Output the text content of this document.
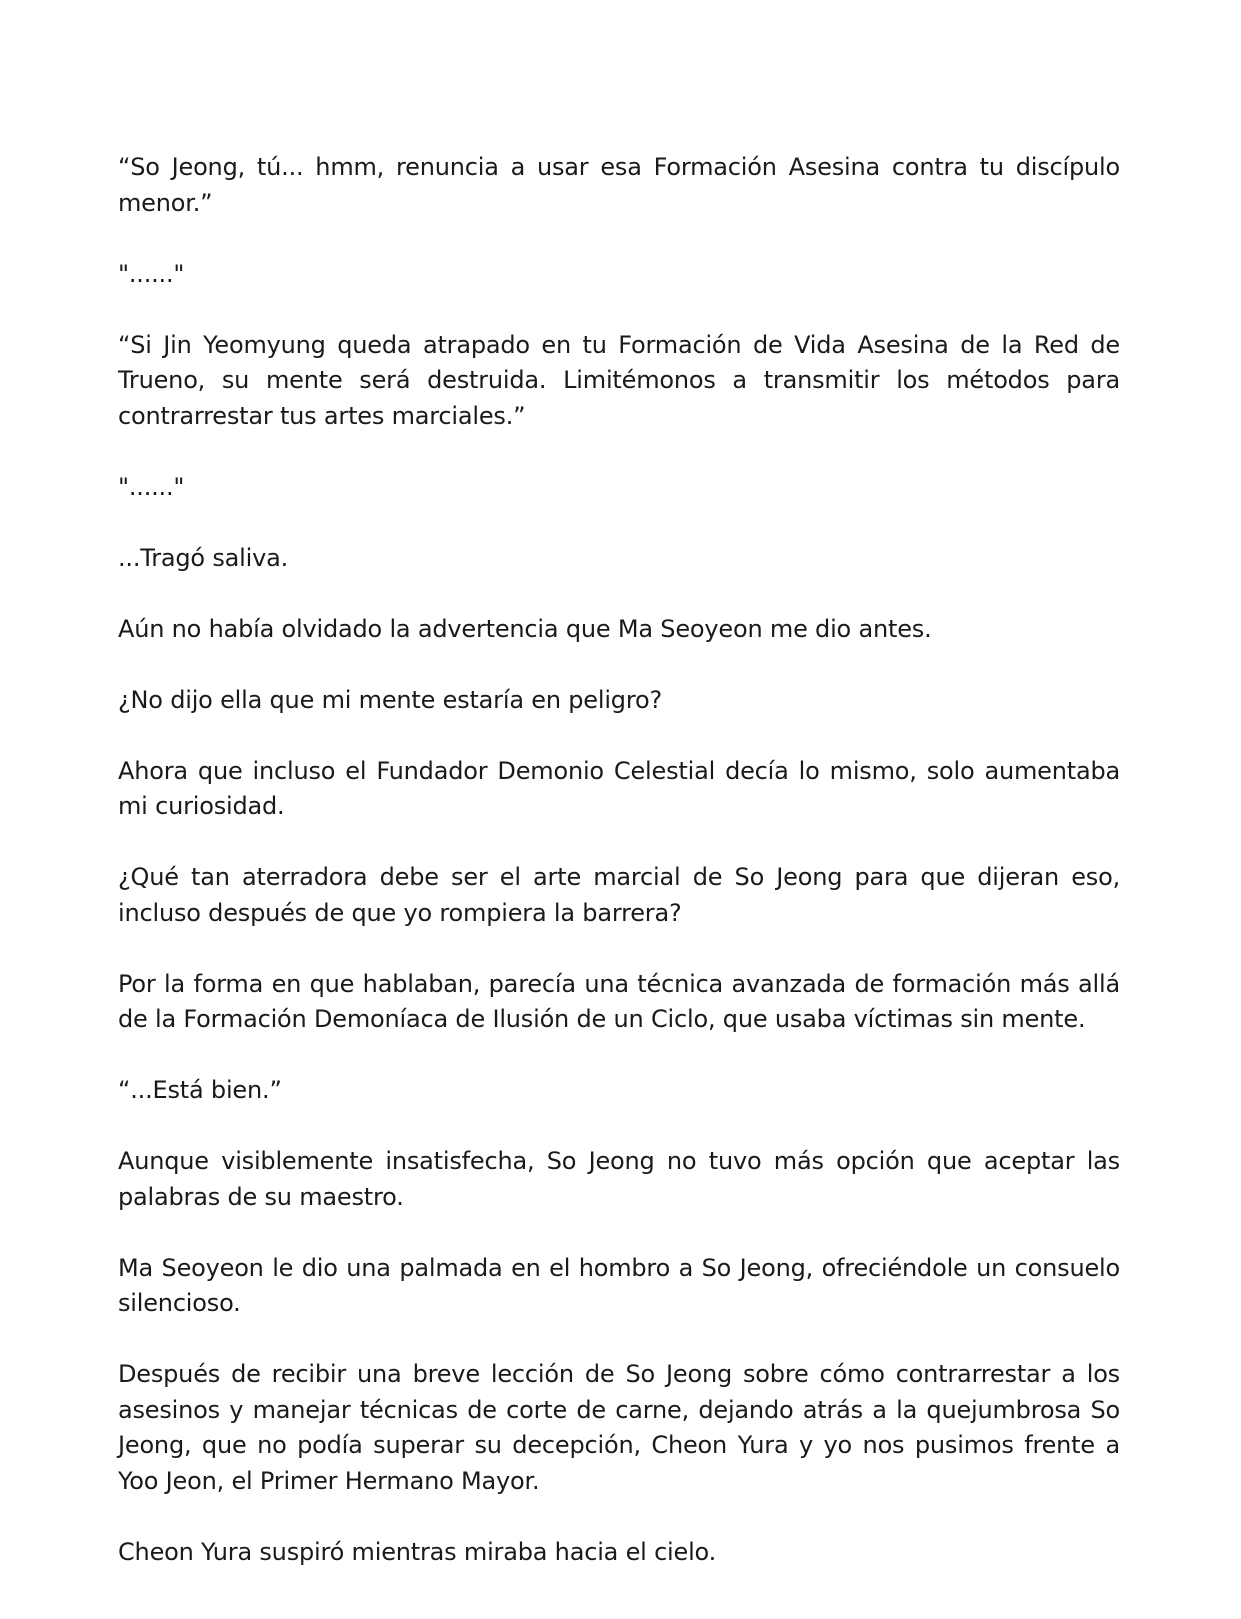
“So Jeong, tú... hmm, renuncia a usar esa Formación Asesina contra tu discípulo menor.”

"......"

“Si Jin Yeomyung queda atrapado en tu Formación de Vida Asesina de la Red de Trueno, su mente será destruida. Limitémonos a transmitir los métodos para contrarrestar tus artes marciales.”

"......"

...Tragó saliva.

Aún no había olvidado la advertencia que Ma Seoyeon me dio antes.

¿No dijo ella que mi mente estaría en peligro?

Ahora que incluso el Fundador Demonio Celestial decía lo mismo, solo aumentaba mi curiosidad.

¿Qué tan aterradora debe ser el arte marcial de So Jeong para que dijeran eso, incluso después de que yo rompiera la barrera?

Por la forma en que hablaban, parecía una técnica avanzada de formación más allá de la Formación Demoníaca de Ilusión de un Ciclo, que usaba víctimas sin mente.

“...Está bien.”

Aunque visiblemente insatisfecha, So Jeong no tuvo más opción que aceptar las palabras de su maestro.

Ma Seoyeon le dio una palmada en el hombro a So Jeong, ofreciéndole un consuelo silencioso.

Después de recibir una breve lección de So Jeong sobre cómo contrarrestar a los asesinos y manejar técnicas de corte de carne, dejando atrás a la quejumbrosa So Jeong, que no podía superar su decepción, Cheon Yura y yo nos pusimos frente a Yoo Jeon, el Primer Hermano Mayor.

Cheon Yura suspiró mientras miraba hacia el cielo.
